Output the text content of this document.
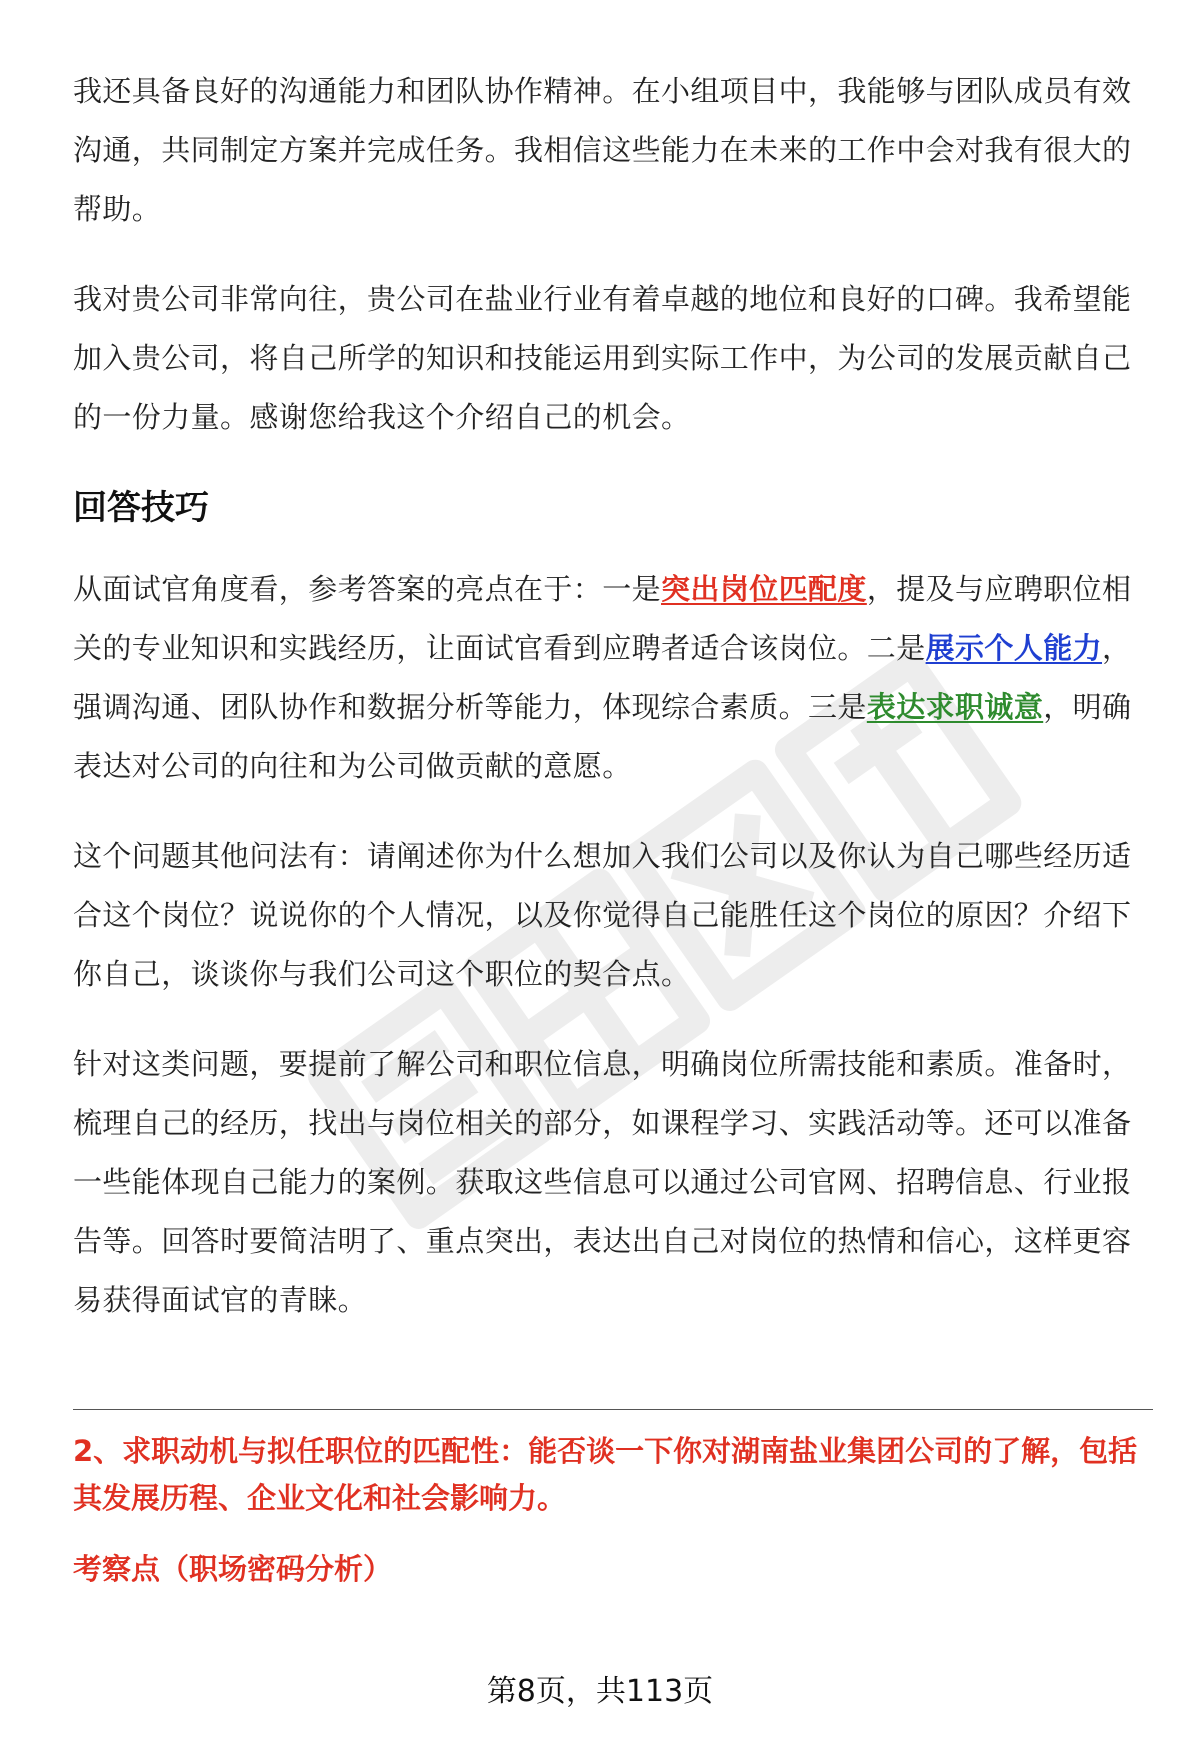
我还具备良好的沟通能力和团队协作精神。在小组项目中，我能够与团队成员有效沟通，共同制定方案并完成任务。我相信这些能力在未来的工作中会对我有很大的帮助。

我对贵公司非常向往，贵公司在盐业行业有着卓越的地位和良好的口碑。我希望能加入贵公司，将自己所学的知识和技能运用到实际工作中，为公司的发展贡献自己的一份力量。感谢您给我这个介绍自己的机会。

回答技巧

从面试官角度看，参考答案的亮点在于：一是突出岗位匹配度，提及与应聘职位相关的专业知识和实践经历，让面试官看到应聘者适合该岗位。二是展示个人能力，强调沟通、团队协作和数据分析等能力，体现综合素质。三是表达求职诚意，明确表达对公司的向往和为公司做贡献的意愿。

这个问题其他问法有：请阐述你为什么想加入我们公司以及你认为自己哪些经历适合这个岗位？说说你的个人情况，以及你觉得自己能胜任这个岗位的原因？介绍下你自己，谈谈你与我们公司这个职位的契合点。

针对这类问题，要提前了解公司和职位信息，明确岗位所需技能和素质。准备时，梳理自己的经历，找出与岗位相关的部分，如课程学习、实践活动等。还可以准备一些能体现自己能力的案例。获取这些信息可以通过公司官网、招聘信息、行业报告等。回答时要简洁明了、重点突出，表达出自己对岗位的热情和信心，这样更容易获得面试官的青睐。

2、求职动机与拟任职位的匹配性：能否谈一下你对湖南盐业集团公司的了解，包括其发展历程、企业文化和社会影响力。

考察点（职场密码分析）

第8页，共113页
